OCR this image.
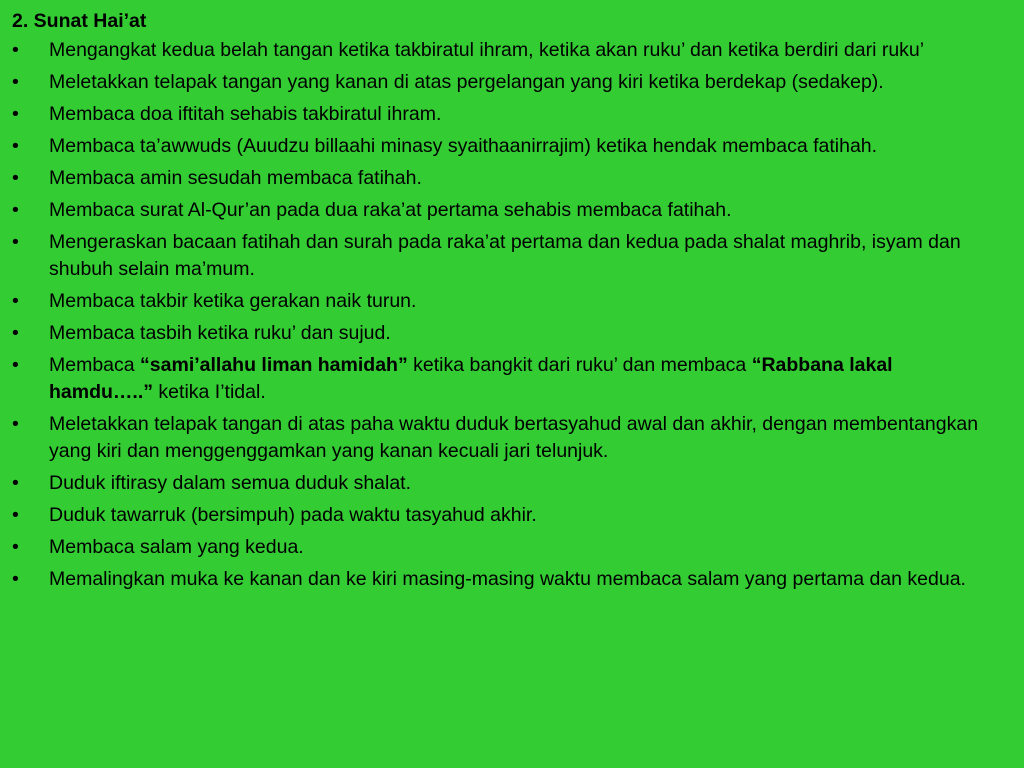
2. Sunat Hai’at
•	Mengangkat kedua belah tangan ketika takbiratul ihram, ketika akan ruku’ dan ketika berdiri dari ruku’
•	Meletakkan telapak tangan yang kanan di atas pergelangan yang kiri ketika berdekap (sedakep).
•	Membaca doa iftitah sehabis takbiratul ihram.
•	Membaca ta’awwuds (Auudzu billaahi minasy syaithaanirrajim) ketika hendak membaca fatihah.
•	Membaca amin sesudah membaca fatihah.
•	Membaca surat Al-Qur’an pada dua raka’at pertama sehabis membaca fatihah.
•	Mengeraskan bacaan fatihah dan surah pada raka’at pertama dan kedua pada shalat maghrib, isyam dan shubuh selain ma’mum.
•	Membaca takbir ketika gerakan naik turun.
•	Membaca tasbih ketika ruku’ dan sujud.
•	Membaca “sami’allahu liman hamidah” ketika bangkit dari ruku’ dan membaca “Rabbana lakal hamdu…..” ketika I’tidal.
•	Meletakkan telapak tangan di atas paha waktu duduk bertasyahud awal dan akhir, dengan membentangkan yang kiri dan menggenggamkan yang kanan kecuali jari telunjuk.
•	Duduk iftirasy dalam semua duduk shalat.
•	Duduk tawarruk (bersimpuh) pada waktu tasyahud akhir.
•	Membaca salam yang kedua.
•	Memalingkan muka ke kanan dan ke kiri masing-masing waktu membaca salam yang pertama dan kedua.
